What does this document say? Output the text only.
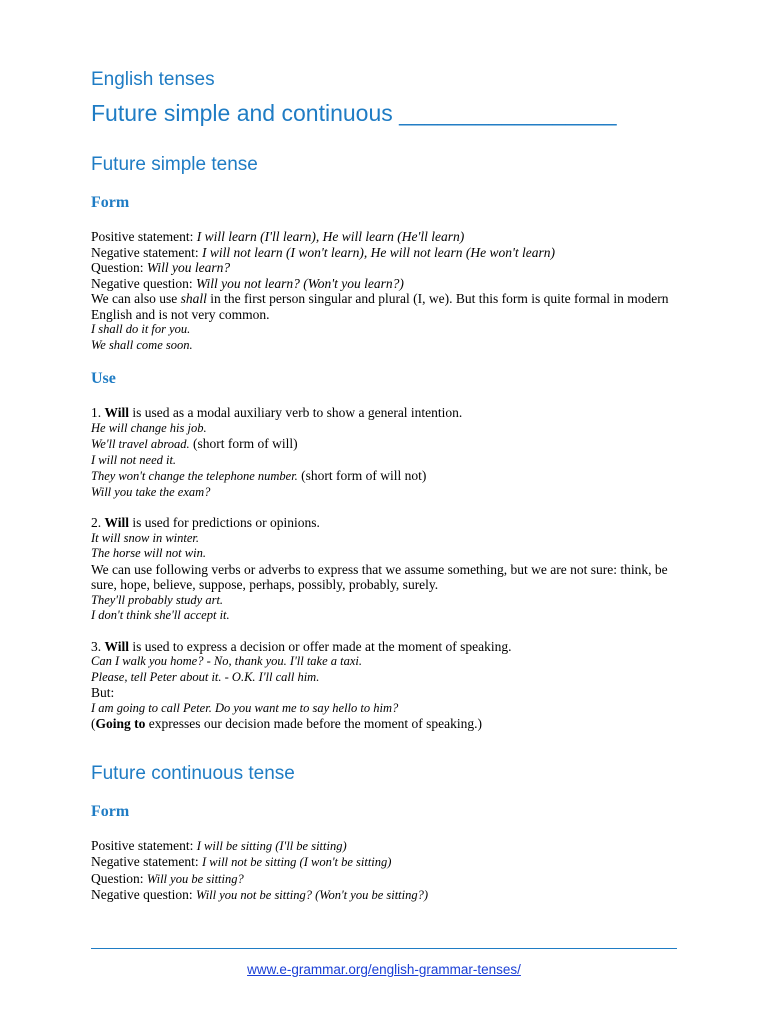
English tenses
Future simple and continuous _________________
Future simple tense
Form
Positive statement: I will learn (I'll learn), He will learn (He'll learn)
Negative statement: I will not learn (I won't learn), He will not learn (He won't learn)
Question: Will you learn?
Negative question: Will you not learn? (Won't you learn?)
We can also use shall in the first person singular and plural (I, we). But this form is quite formal in modern English and is not very common.
I shall do it for you.
We shall come soon.
Use
1. Will is used as a modal auxiliary verb to show a general intention.
He will change his job.
We'll travel abroad. (short form of will)
I will not need it.
They won't change the telephone number. (short form of will not)
Will you take the exam?
2. Will is used for predictions or opinions.
It will snow in winter.
The horse will not win.
We can use following verbs or adverbs to express that we assume something, but we are not sure: think, be sure, hope, believe, suppose, perhaps, possibly, probably, surely.
They'll probably study art.
I don't think she'll accept it.
3. Will is used to express a decision or offer made at the moment of speaking.
Can I walk you home? - No, thank you. I'll take a taxi.
Please, tell Peter about it. - O.K. I'll call him.
But:
I am going to call Peter. Do you want me to say hello to him?
(Going to expresses our decision made before the moment of speaking.)
Future continuous tense
Form
Positive statement: I will be sitting (I'll be sitting)
Negative statement: I will not be sitting (I won't be sitting)
Question: Will you be sitting?
Negative question: Will you not be sitting? (Won't you be sitting?)
www.e-grammar.org/english-grammar-tenses/
